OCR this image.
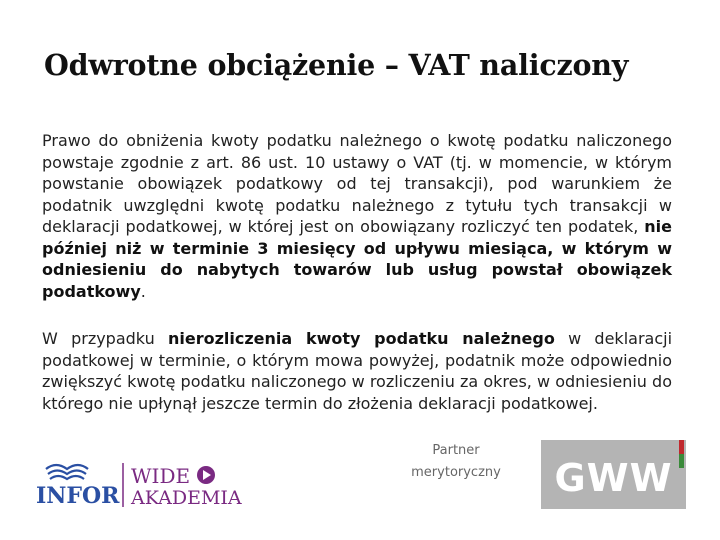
Odwrotne obciążenie – VAT naliczony

Prawo do obniżenia kwoty podatku należnego o kwotę podatku naliczonego powstaje zgodnie z art. 86 ust. 10 ustawy o VAT (tj. w momencie, w którym powstanie obowiązek podatkowy od tej transakcji), pod warunkiem że podatnik uwzględni kwotę podatku należnego z tytułu tych transakcji w deklaracji podatkowej, w której jest on obowiązany rozliczyć ten podatek, nie później niż w terminie 3 miesięcy od upływu miesiąca, w którym w odniesieniu do nabytych towarów lub usług powstał obowiązek podatkowy.

W przypadku nierozliczenia kwoty podatku należnego w deklaracji podatkowej w terminie, o którym mowa powyżej, podatnik może odpowiednio zwiększyć kwotę podatku naliczonego w rozliczeniu za okres, w odniesieniu do którego nie upłynął jeszcze termin do złożenia deklaracji podatkowej.

Partner
merytoryczny
INFOR
WIDE
AKADEMIA	GWW
